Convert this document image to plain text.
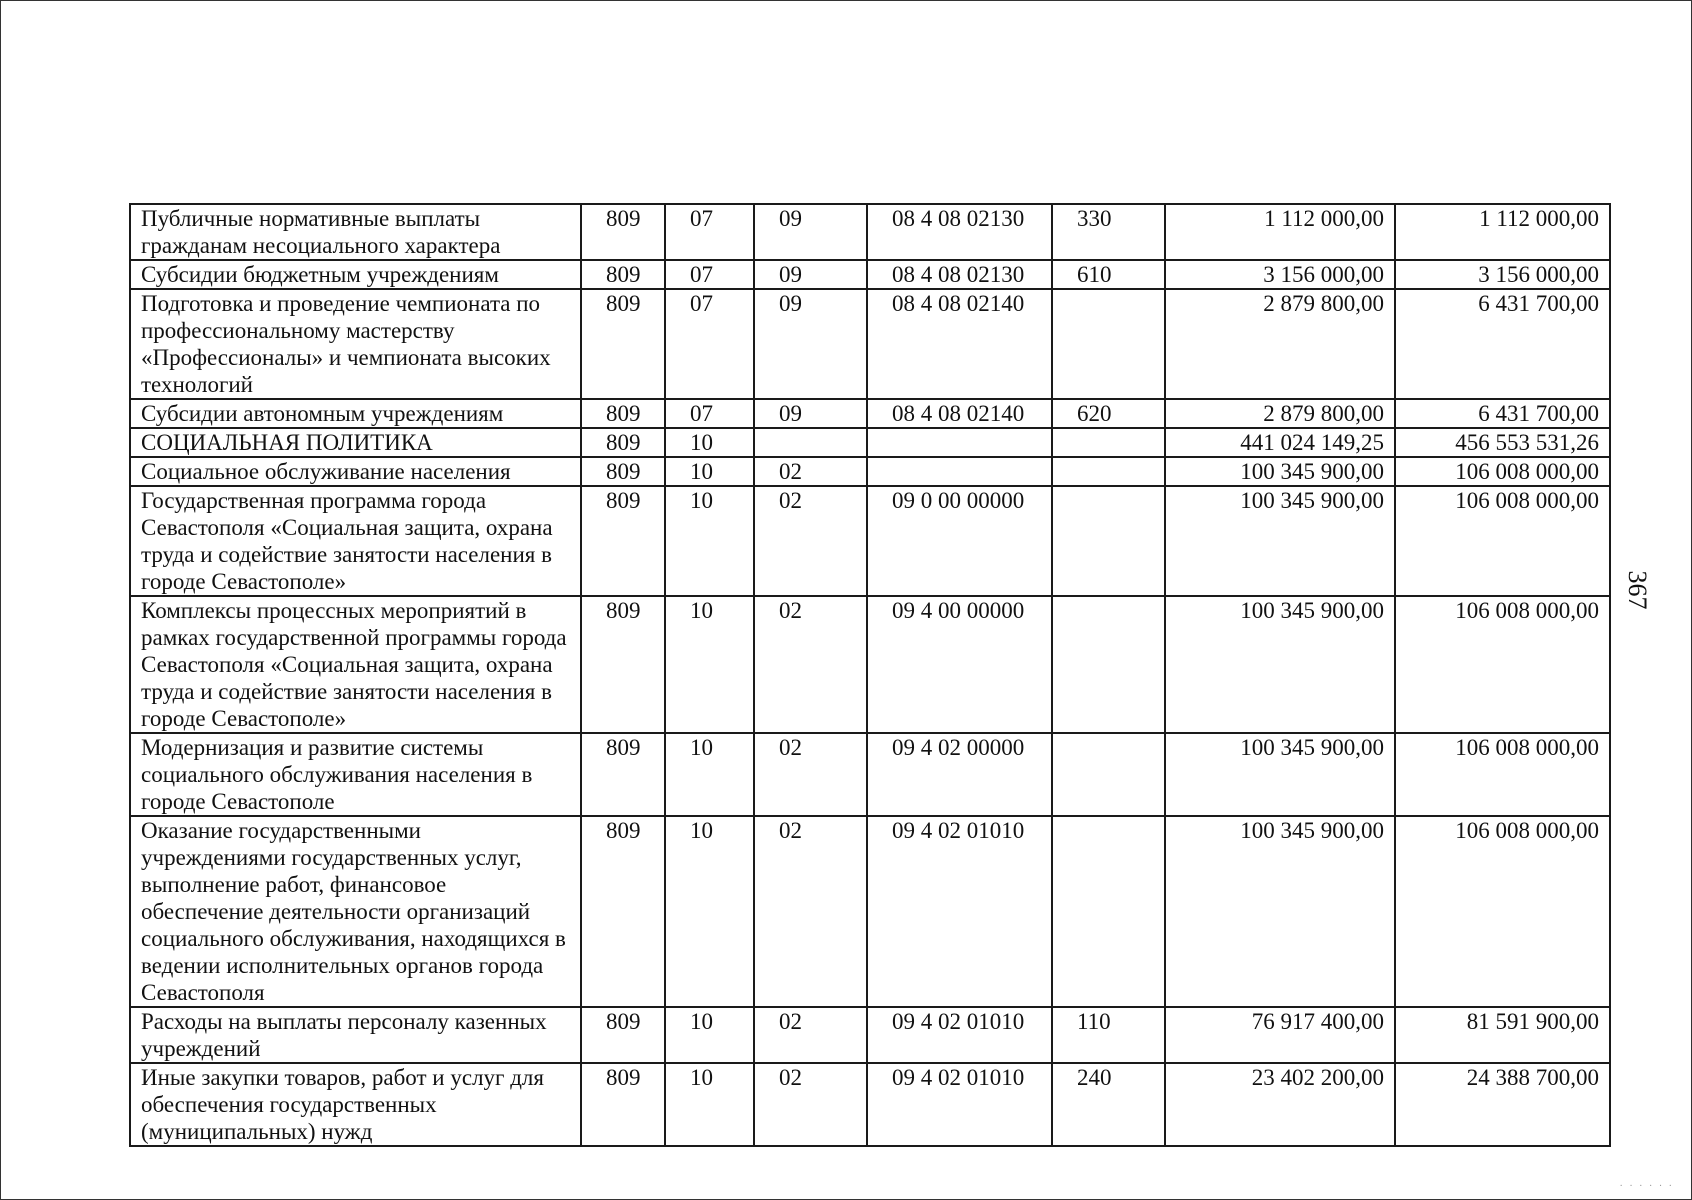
Публичные нормативные выплаты гражданам несоциального характера	809	07	09	08 4 08 02130	330	1 112 000,00	1 112 000,00
Субсидии бюджетным учреждениям	809	07	09	08 4 08 02130	610	3 156 000,00	3 156 000,00
Подготовка и проведение чемпионата по профессиональному мастерству «Профессионалы» и чемпионата высоких технологий	809	07	09	08 4 08 02140		2 879 800,00	6 431 700,00
Субсидии автономным учреждениям	809	07	09	08 4 08 02140	620	2 879 800,00	6 431 700,00
СОЦИАЛЬНАЯ ПОЛИТИКА	809	10				441 024 149,25	456 553 531,26
Социальное обслуживание населения	809	10	02			100 345 900,00	106 008 000,00
Государственная программа города Севастополя «Социальная защита, охрана труда и содействие занятости населения в городе Севастополе»	809	10	02	09 0 00 00000		100 345 900,00	106 008 000,00
Комплексы процессных мероприятий в рамках государственной программы города Севастополя «Социальная защита, охрана труда и содействие занятости населения в городе Севастополе»	809	10	02	09 4 00 00000		100 345 900,00	106 008 000,00
Модернизация и развитие системы социального обслуживания населения в городе Севастополе	809	10	02	09 4 02 00000		100 345 900,00	106 008 000,00
Оказание государственными учреждениями государственных услуг, выполнение работ, финансовое обеспечение деятельности организаций социального обслуживания, находящихся в ведении исполнительных органов города Севастополя	809	10	02	09 4 02 01010		100 345 900,00	106 008 000,00
Расходы на выплаты персоналу казенных учреждений	809	10	02	09 4 02 01010	110	76 917 400,00	81 591 900,00
Иные закупки товаров, работ и услуг для обеспечения государственных (муниципальных) нужд	809	10	02	09 4 02 01010	240	23 402 200,00	24 388 700,00
367
· · · · · ·
